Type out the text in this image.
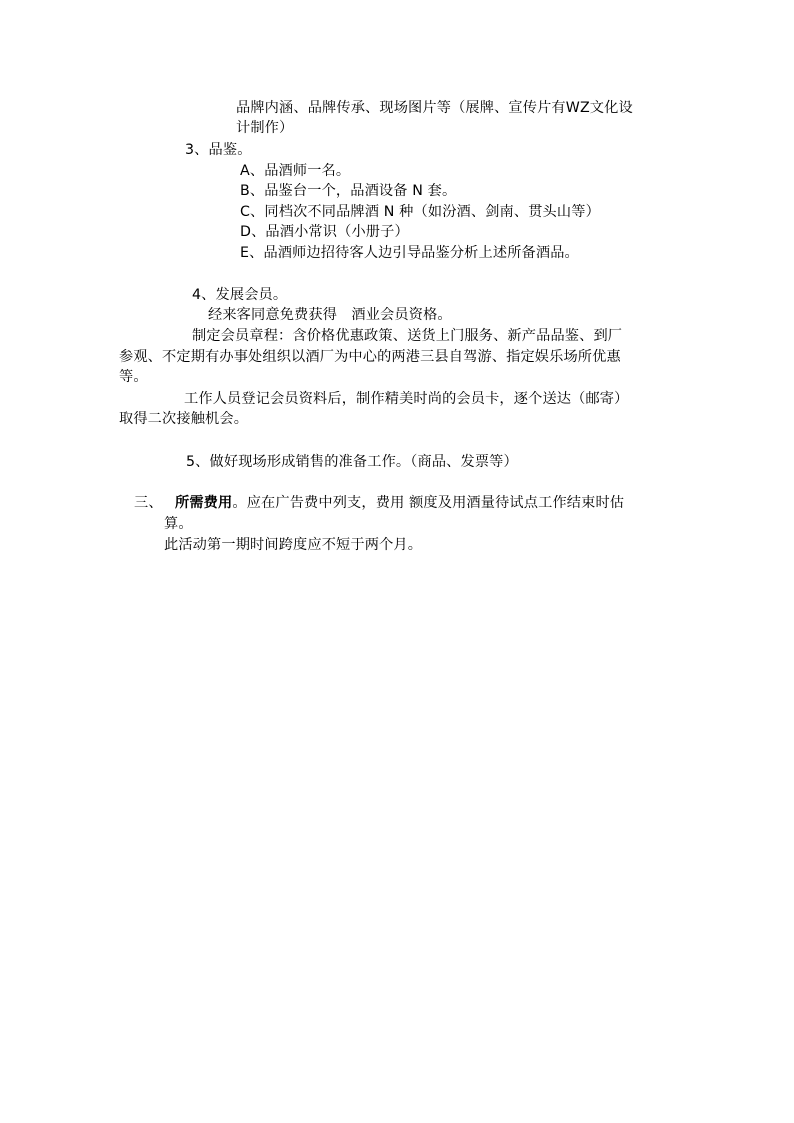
品牌内涵、品牌传承、现场图片等（展牌、宣传片有WZ文化设
计制作）
3、品鉴。
A、品酒师一名。
B、品鉴台一个，品酒设备 N 套。
C、同档次不同品牌酒 N 种（如汾酒、剑南、贯头山等）
D、品酒小常识（小册子）
E、品酒师边招待客人边引导品鉴分析上述所备酒品。
4、发展会员。
经来客同意免费获得　酒业会员资格。
制定会员章程：含价格优惠政策、送货上门服务、新产品品鉴、到厂
参观、不定期有办事处组织以酒厂为中心的两港三县自驾游、指定娱乐场所优惠
等。
工作人员登记会员资料后，制作精美时尚的会员卡，逐个送达（邮寄）
取得二次接触机会。
5、做好现场形成销售的准备工作。（商品、发票等）
三、 所需费用。应在广告费中列支，费用 额度及用酒量待试点工作结束时估
算。
此活动第一期时间跨度应不短于两个月。
